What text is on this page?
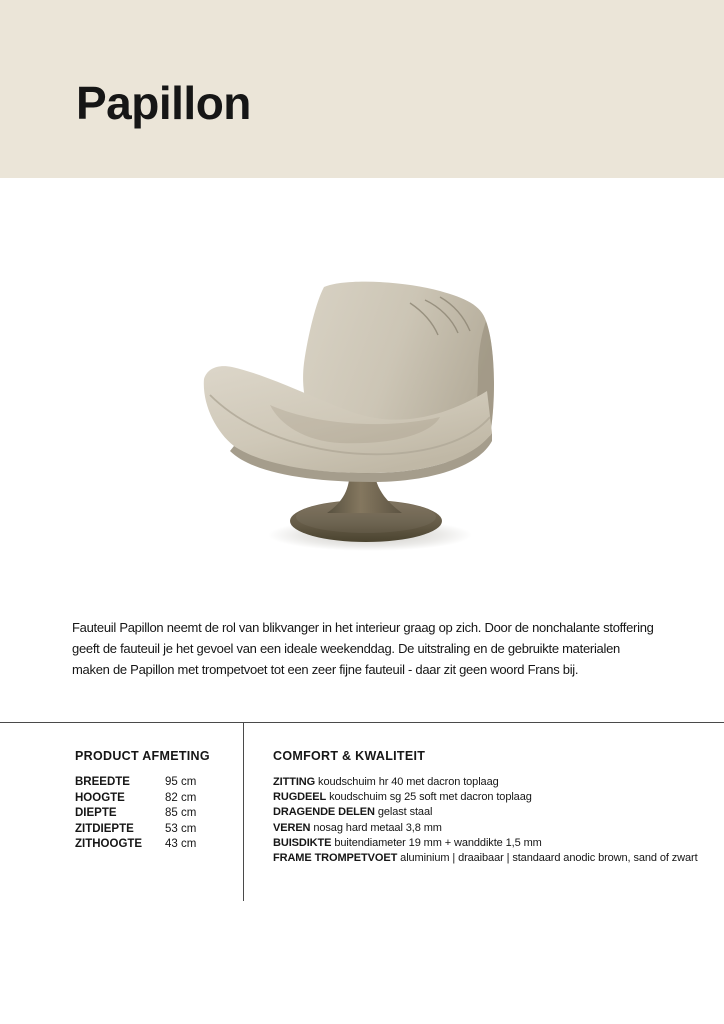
Papillon
Fauteuil Papillon neemt de rol van blikvanger in het interieur graag op zich. Door de nonchalante stoffering
geeft de fauteuil je het gevoel van een ideale weekenddag. De uitstraling en de gebruikte materialen
maken de Papillon met trompetvoet tot een zeer fijne fauteuil - daar zit geen woord Frans bij.
PRODUCT AFMETING
BREEDTE	95 cm
HOOGTE	82 cm
DIEPTE	85 cm
ZITDIEPTE	53 cm
ZITHOOGTE	43 cm
COMFORT & KWALITEIT
ZITTING koudschuim hr 40 met dacron toplaag
RUGDEEL koudschuim sg 25 soft met dacron toplaag
DRAGENDE DELEN gelast staal
VEREN nosag hard metaal 3,8 mm
BUISDIKTE buitendiameter 19 mm + wanddikte 1,5 mm
FRAME TROMPETVOET aluminium | draaibaar | standaard anodic brown, sand of zwart
